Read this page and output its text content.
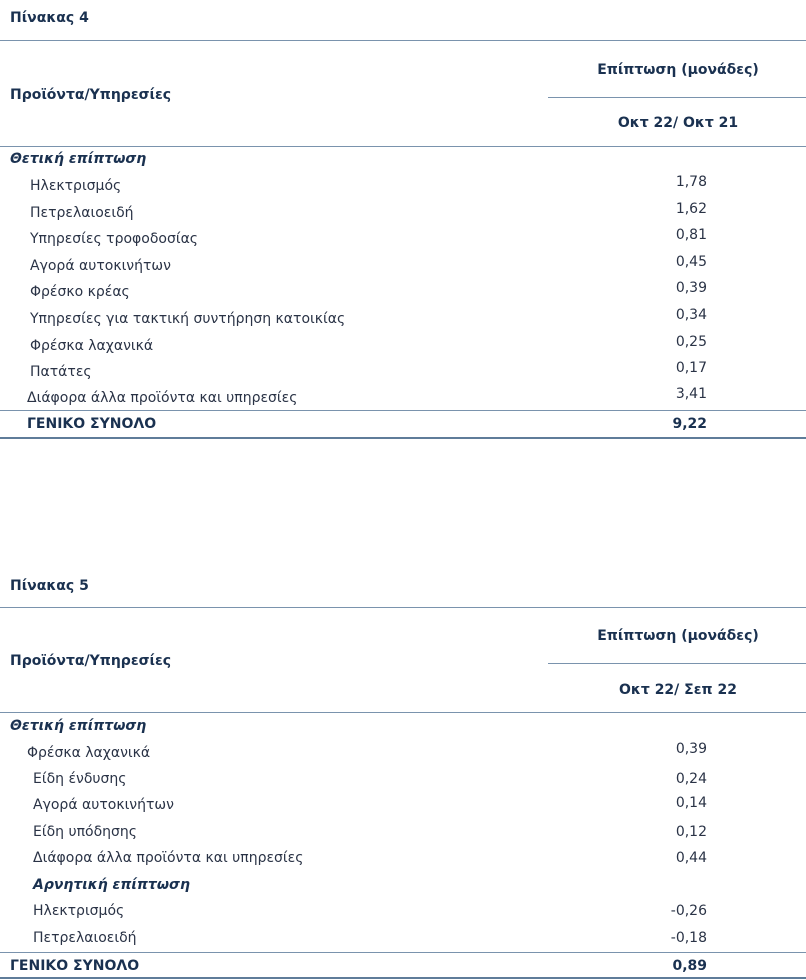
Πίνακας 4
Προϊόντα/Υπηρεσίες
Επίπτωση (μονάδες)
Οκτ 22/ Οκτ 21
Θετική επίπτωση
Ηλεκτρισμός	1,78
Πετρελαιοειδή	1,62
Υπηρεσίες τροφοδοσίας	0,81
Αγορά αυτοκινήτων	0,45
Φρέσκο κρέας	0,39
Υπηρεσίες για τακτική συντήρηση κατοικίας	0,34
Φρέσκα λαχανικά	0,25
Πατάτες	0,17
Διάφορα άλλα προϊόντα και υπηρεσίες	3,41
ΓΕΝΙΚΟ ΣΥΝΟΛΟ	9,22
Πίνακας 5
Προϊόντα/Υπηρεσίες
Επίπτωση (μονάδες)
Οκτ 22/ Σεπ 22
Θετική επίπτωση
Φρέσκα λαχανικά	0,39
Είδη ένδυσης	0,24
Αγορά αυτοκινήτων	0,14
Είδη υπόδησης	0,12
Διάφορα άλλα προϊόντα και υπηρεσίες	0,44
Αρνητική επίπτωση
Ηλεκτρισμός	-0,26
Πετρελαιοειδή	-0,18
ΓΕΝΙΚΟ ΣΥΝΟΛΟ	0,89
